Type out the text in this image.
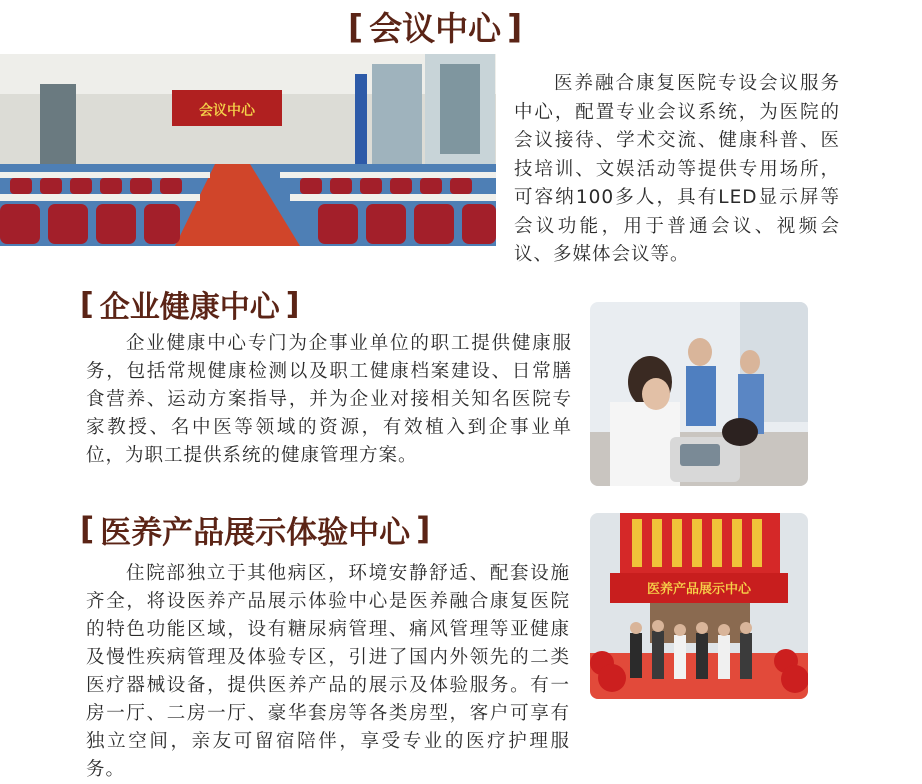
[ 会议中心 ]
会议中心

医养融合康复医院专设会议服务中心，配置专业会议系统，为医院的会议接待、学术交流、健康科普、医技培训、文娱活动等提供专用场所，可容纳100多人，具有LED显示屏等会议功能，用于普通会议、视频会议、多媒体会议等。

[ 企业健康中心 ]

企业健康中心专门为企事业单位的职工提供健康服务，包括常规健康检测以及职工健康档案建设、日常膳食营养、运动方案指导，并为企业对接相关知名医院专家教授、名中医等领域的资源，有效植入到企事业单位，为职工提供系统的健康管理方案。

[ 医养产品展示体验中心 ]

住院部独立于其他病区，环境安静舒适、配套设施齐全，将设医养产品展示体验中心是医养融合康复医院的特色功能区域，设有糖尿病管理、痛风管理等亚健康及慢性疾病管理及体验专区，引进了国内外领先的二类医疗器械设备，提供医养产品的展示及体验服务。有一房一厅、二房一厅、豪华套房等各类房型，客户可享有独立空间，亲友可留宿陪伴，享受专业的医疗护理服务。

医养产品展示中心
